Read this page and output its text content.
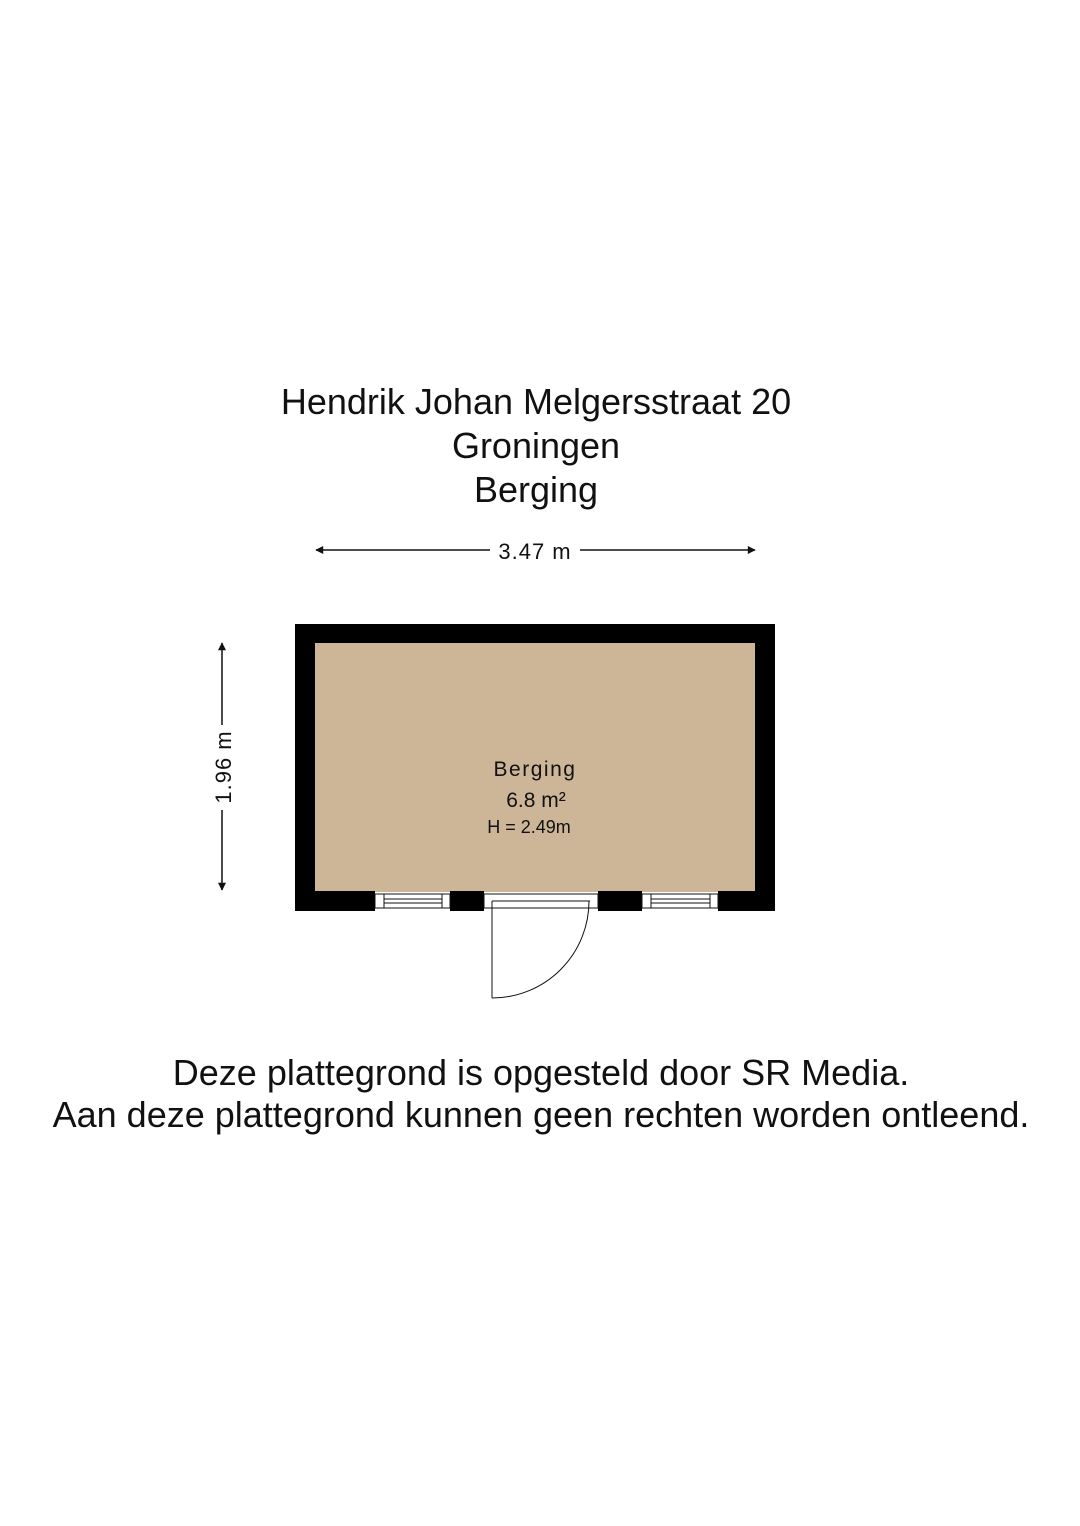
Hendrik Johan Melgersstraat 20
Groningen
Berging
3.47 m
1.96 m	Berging
6.8 m²
H = 2.49m
Deze plattegrond is opgesteld door SR Media.
Aan deze plattegrond kunnen geen rechten worden ontleend.
